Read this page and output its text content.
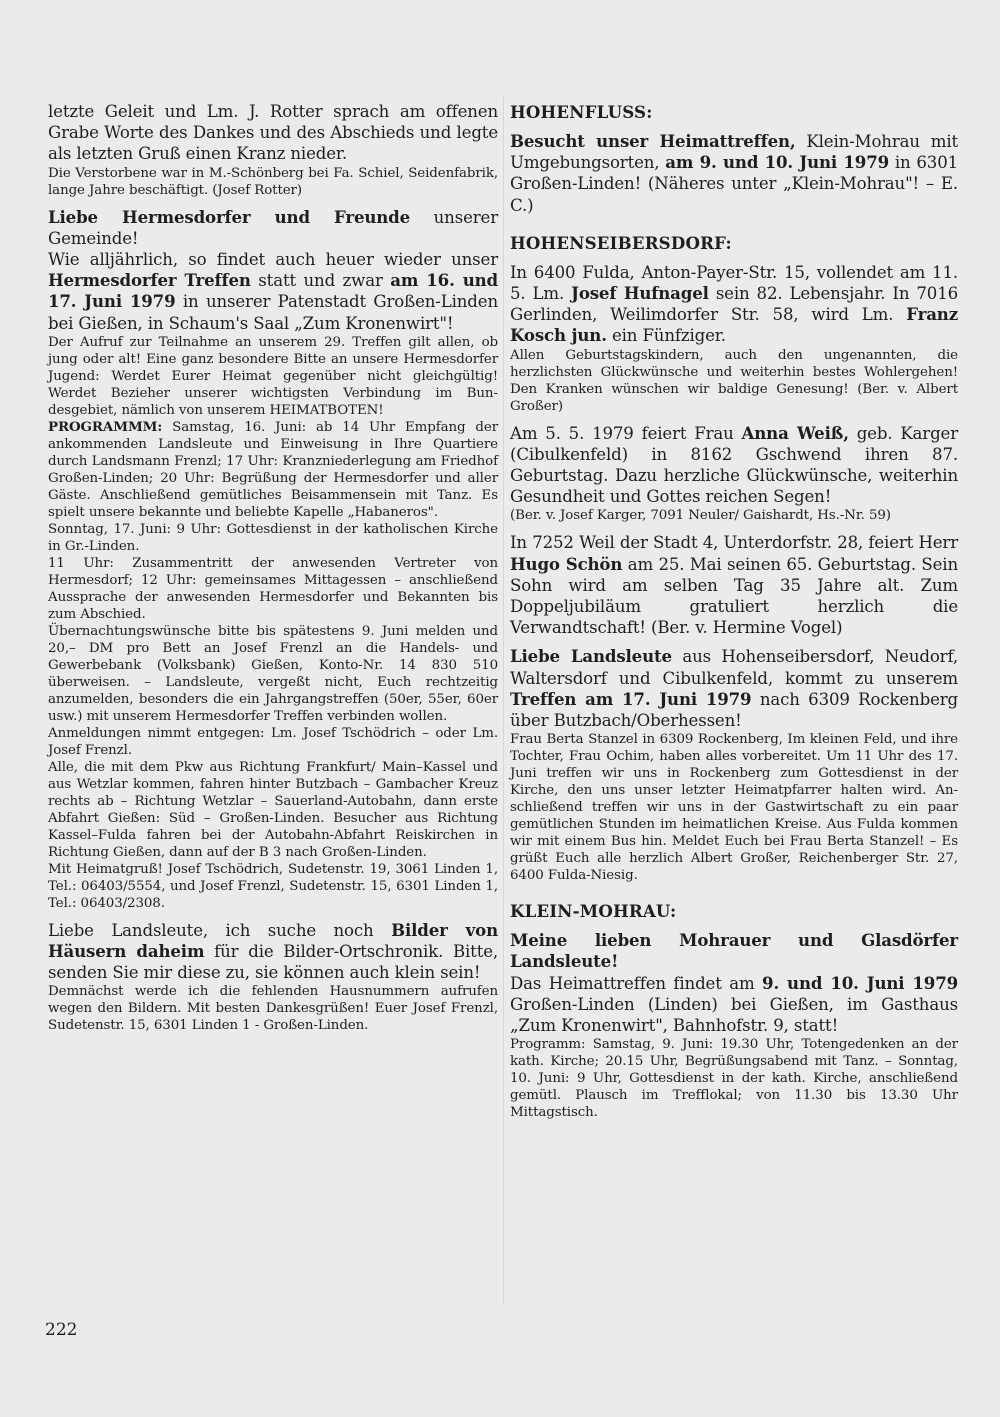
letzte Geleit und Lm. J. Rotter sprach am offenen Grabe Worte des Dankes und des Abschieds und legte als letzten Gruß einen Kranz nieder.

Die Verstorbene war in M.-Schönberg bei Fa. Schiel, Seidenfabrik, lange Jahre beschäftigt. (Josef Rotter)

Liebe Hermesdorfer und Freunde unserer Gemeinde!

Wie alljährlich, so findet auch heuer wieder unser Hermesdorfer Treffen statt und zwar am 16. und 17. Juni 1979 in unserer Patenstadt Großen-Linden bei Gießen, in Schaum's Saal „Zum Kronenwirt"!

Der Aufruf zur Teilnahme an unserem 29. Treffen gilt allen, ob jung oder alt! Eine ganz besondere Bitte an unsere Hermesdorfer Jugend: Werdet Eurer Heimat gegenüber nicht gleichgültig! Werdet Bezieher unserer wichtigsten Verbindung im Bundesgebiet, nämlich von unserem HEIMATBOTEN!

PROGRAMMM: Samstag, 16. Juni: ab 14 Uhr Empfang der ankommenden Landsleute und Einweisung in Ihre Quartiere durch Landsmann Frenzl; 17 Uhr: Kranzniederlegung am Friedhof Großen-Linden; 20 Uhr: Begrüßung der Hermesdorfer und aller Gäste. Anschließend gemütliches Beisammensein mit Tanz. Es spielt unsere bekannte und beliebte Kapelle „Habaneros".

Sonntag, 17. Juni: 9 Uhr: Gottesdienst in der katholischen Kirche in Gr.-Linden.

11 Uhr: Zusammentritt der anwesenden Vertreter von Hermesdorf; 12 Uhr: gemeinsames Mittagessen – anschließend Aussprache der anwesenden Hermesdorfer und Bekannten bis zum Abschied.

Übernachtungswünsche bitte bis spätestens 9. Juni melden und 20,– DM pro Bett an Josef Frenzl an die Handels- und Gewerbebank (Volksbank) Gießen, Konto-Nr. 14 830 510 überweisen. – Landsleute, vergeßt nicht, Euch rechtzeitig anzumelden, besonders die ein Jahrgangstreffen (50er, 55er, 60er usw.) mit unserem Hermesdorfer Treffen verbinden wollen.

Anmeldungen nimmt entgegen: Lm. Josef Tschödrich – oder Lm. Josef Frenzl.

Alle, die mit dem Pkw aus Richtung Frankfurt/ Main–Kassel und aus Wetzlar kommen, fahren hinter Butzbach – Gambacher Kreuz rechts ab – Richtung Wetzlar – Sauerland-Autobahn, dann erste Abfahrt Gießen: Süd – Großen-Linden. Besucher aus Richtung Kassel–Fulda fahren bei der Autobahn-Abfahrt Reiskirchen in Richtung Gießen, dann auf der B 3 nach Großen-Linden.

Mit Heimatgruß! Josef Tschödrich, Sudetenstr. 19, 3061 Linden 1, Tel.: 06403/5554, und Josef Frenzl, Sudetenstr. 15, 6301 Linden 1, Tel.: 06403/2308.

Liebe Landsleute, ich suche noch Bilder von Häusern daheim für die Bilder-Ortschronik. Bitte, senden Sie mir diese zu, sie können auch klein sein!

Demnächst werde ich die fehlenden Hausnummern aufrufen wegen den Bildern. Mit besten Dankesgrüßen! Euer Josef Frenzl, Sudetenstr. 15, 6301 Linden 1 - Großen-Linden.

HOHENFLUSS:

Besucht unser Heimattreffen, Klein-Mohrau mit Umgebungsorten, am 9. und 10. Juni 1979 in 6301 Großen-Linden! (Näheres unter „Klein-Mohrau"! – E. C.)

HOHENSEIBERSDORF:

In 6400 Fulda, Anton-Payer-Str. 15, vollendet am 11. 5. Lm. Josef Hufnagel sein 82. Lebensjahr. In 7016 Gerlinden, Weilimdorfer Str. 58, wird Lm. Franz Kosch jun. ein Fünfziger.

Allen Geburtstagskindern, auch den ungenannten, die herzlichsten Glückwünsche und weiterhin bestes Wohlergehen! Den Kranken wünschen wir baldige Genesung! (Ber. v. Albert Großer)

Am 5. 5. 1979 feiert Frau Anna Weiß, geb. Karger (Cibulkenfeld) in 8162 Gschwend ihren 87. Geburtstag. Dazu herzliche Glückwünsche, weiterhin Gesundheit und Gottes reichen Segen!

(Ber. v. Josef Karger, 7091 Neuler/ Gaishardt, Hs.-Nr. 59)

In 7252 Weil der Stadt 4, Unterdorfstr. 28, feiert Herr Hugo Schön am 25. Mai seinen 65. Geburtstag. Sein Sohn wird am selben Tag 35 Jahre alt. Zum Doppeljubiläum gratuliert herzlich die Verwandtschaft! (Ber. v. Hermine Vogel)

Liebe Landsleute aus Hohenseibersdorf, Neudorf, Waltersdorf und Cibulkenfeld, kommt zu unserem Treffen am 17. Juni 1979 nach 6309 Rockenberg über Butzbach/Oberhessen!

Frau Berta Stanzel in 6309 Rockenberg, Im kleinen Feld, und ihre Tochter, Frau Ochim, haben alles vorbereitet. Um 11 Uhr des 17. Juni treffen wir uns in Rockenberg zum Gottesdienst in der Kirche, den uns unser letzter Heimatpfarrer halten wird. Anschließend treffen wir uns in der Gastwirtschaft zu ein paar gemütlichen Stunden im heimatlichen Kreise. Aus Fulda kommen wir mit einem Bus hin. Meldet Euch bei Frau Berta Stanzel! – Es grüßt Euch alle herzlich Albert Großer, Reichenberger Str. 27, 6400 Fulda-Niesig.

KLEIN-MOHRAU:

Meine lieben Mohrauer und Glasdörfer Landsleute!

Das Heimattreffen findet am 9. und 10. Juni 1979 Großen-Linden (Linden) bei Gießen, im Gasthaus „Zum Kronenwirt", Bahnhofstr. 9, statt!

Programm: Samstag, 9. Juni: 19.30 Uhr, Totengedenken an der kath. Kirche; 20.15 Uhr, Begrüßungsabend mit Tanz. – Sonntag, 10. Juni: 9 Uhr, Gottesdienst in der kath. Kirche, anschließend gemütl. Plausch im Trefflokal; von 11.30 bis 13.30 Uhr Mittagstisch.

222
